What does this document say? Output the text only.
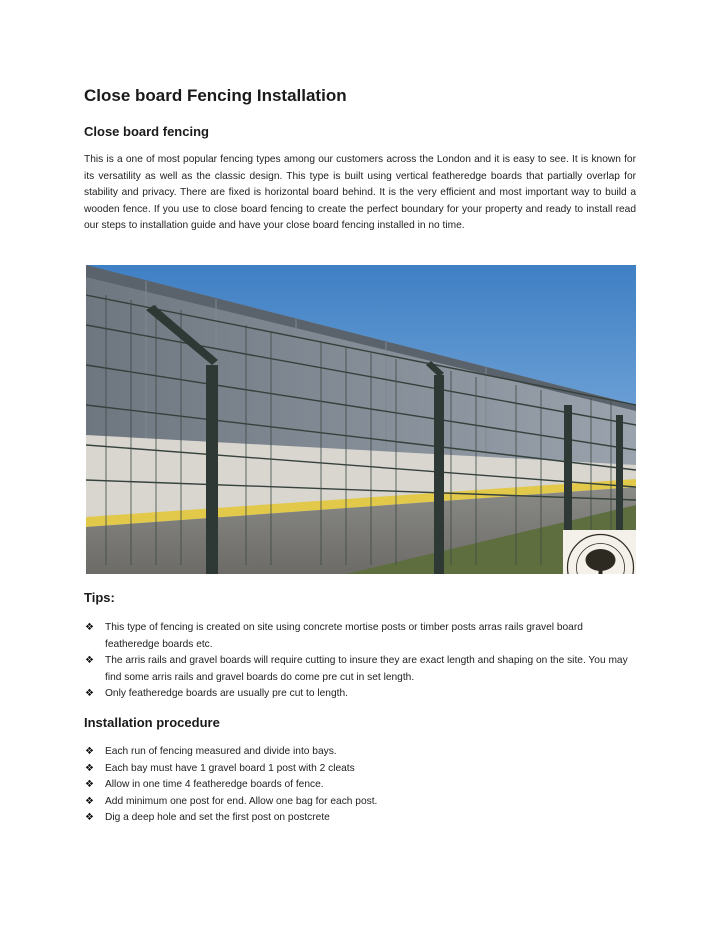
Close board Fencing Installation
Close board fencing

This is a one of most popular fencing types among our customers across the London and it is easy to see. It is known for its versatility as well as the classic design. This type is built using vertical featheredge boards that partially overlap for stability and privacy. There are fixed is horizontal board behind. It is the very efficient and most important way to build a wooden fence. If you use to close board fencing to create the perfect boundary for your property and ready to install read our steps to installation guide and have your close board fencing installed in no time.

Tips:
❖ This type of fencing is created on site using concrete mortise posts or timber posts arras rails gravel board featheredge boards etc.
❖ The arris rails and gravel boards will require cutting to insure they are exact length and shaping on the site. You may find some arris rails and gravel boards do come pre cut in set length.
❖ Only featheredge boards are usually pre cut to length.
Installation procedure
❖ Each run of fencing measured and divide into bays.
❖ Each bay must have 1 gravel board 1 post with 2 cleats
❖ Allow in one time 4 featheredge boards of fence.
❖ Add minimum one post for end. Allow one bag for each post.
❖ Dig a deep hole and set the first post on postcrete
